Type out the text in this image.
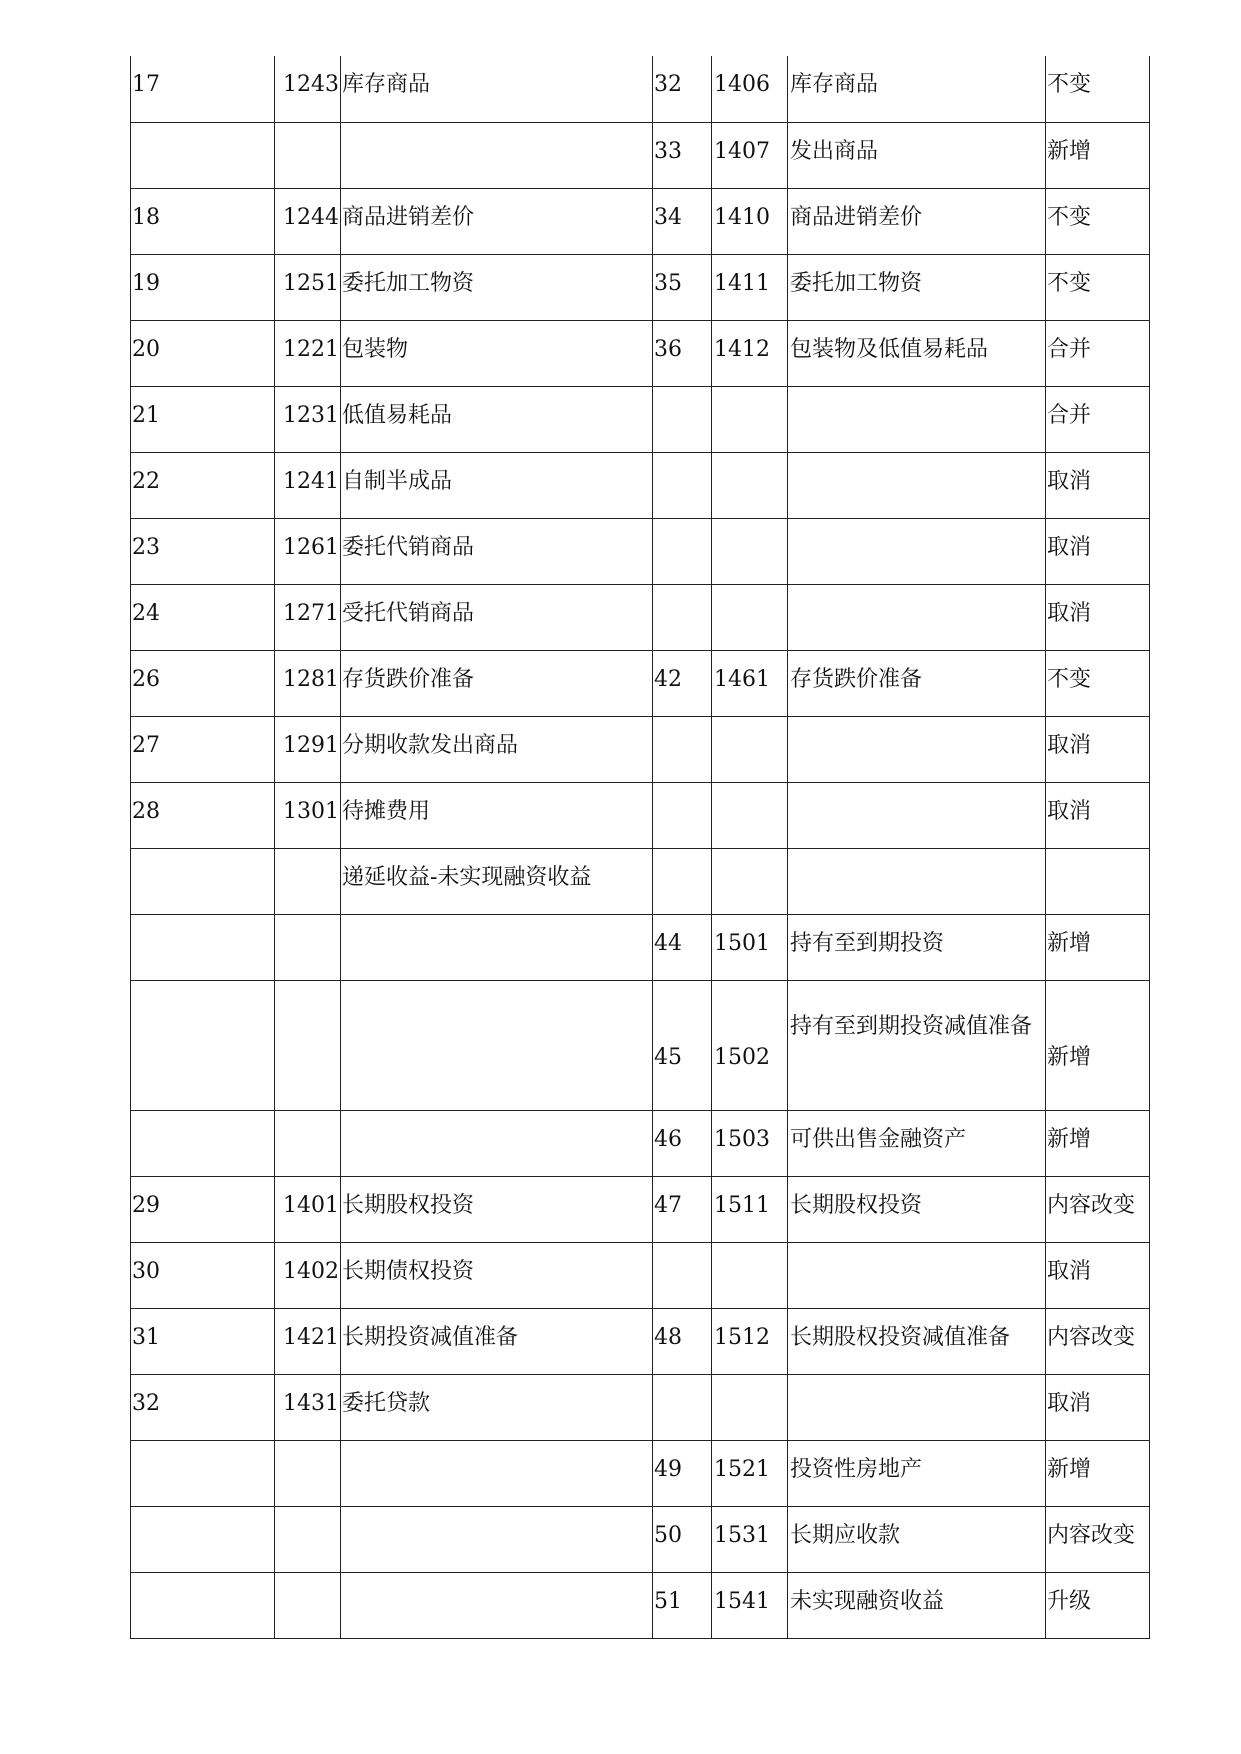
17	1243	库存商品	32	1406	库存商品	不变

			33	1407	发出商品	新增

18	1244	商品进销差价	34	1410	商品进销差价	不变

19	1251	委托加工物资	35	1411	委托加工物资	不变

20	1221	包装物	36	1412	包装物及低值易耗品	合并

21	1231	低值易耗品				合并

22	1241	自制半成品				取消

23	1261	委托代销商品				取消

24	1271	受托代销商品				取消

26	1281	存货跌价准备	42	1461	存货跌价准备	不变

27	1291	分期收款发出商品				取消

28	1301	待摊费用				取消

		递延收益-未实现融资收益				

			44	1501	持有至到期投资	新增

			45	1502	持有至到期投资减值准备	新增

			46	1503	可供出售金融资产	新增

29	1401	长期股权投资	47	1511	长期股权投资	内容改变

30	1402	长期债权投资				取消

31	1421	长期投资减值准备	48	1512	长期股权投资减值准备	内容改变

32	1431	委托贷款				取消

			49	1521	投资性房地产	新增

			50	1531	长期应收款	内容改变

			51	1541	未实现融资收益	升级
